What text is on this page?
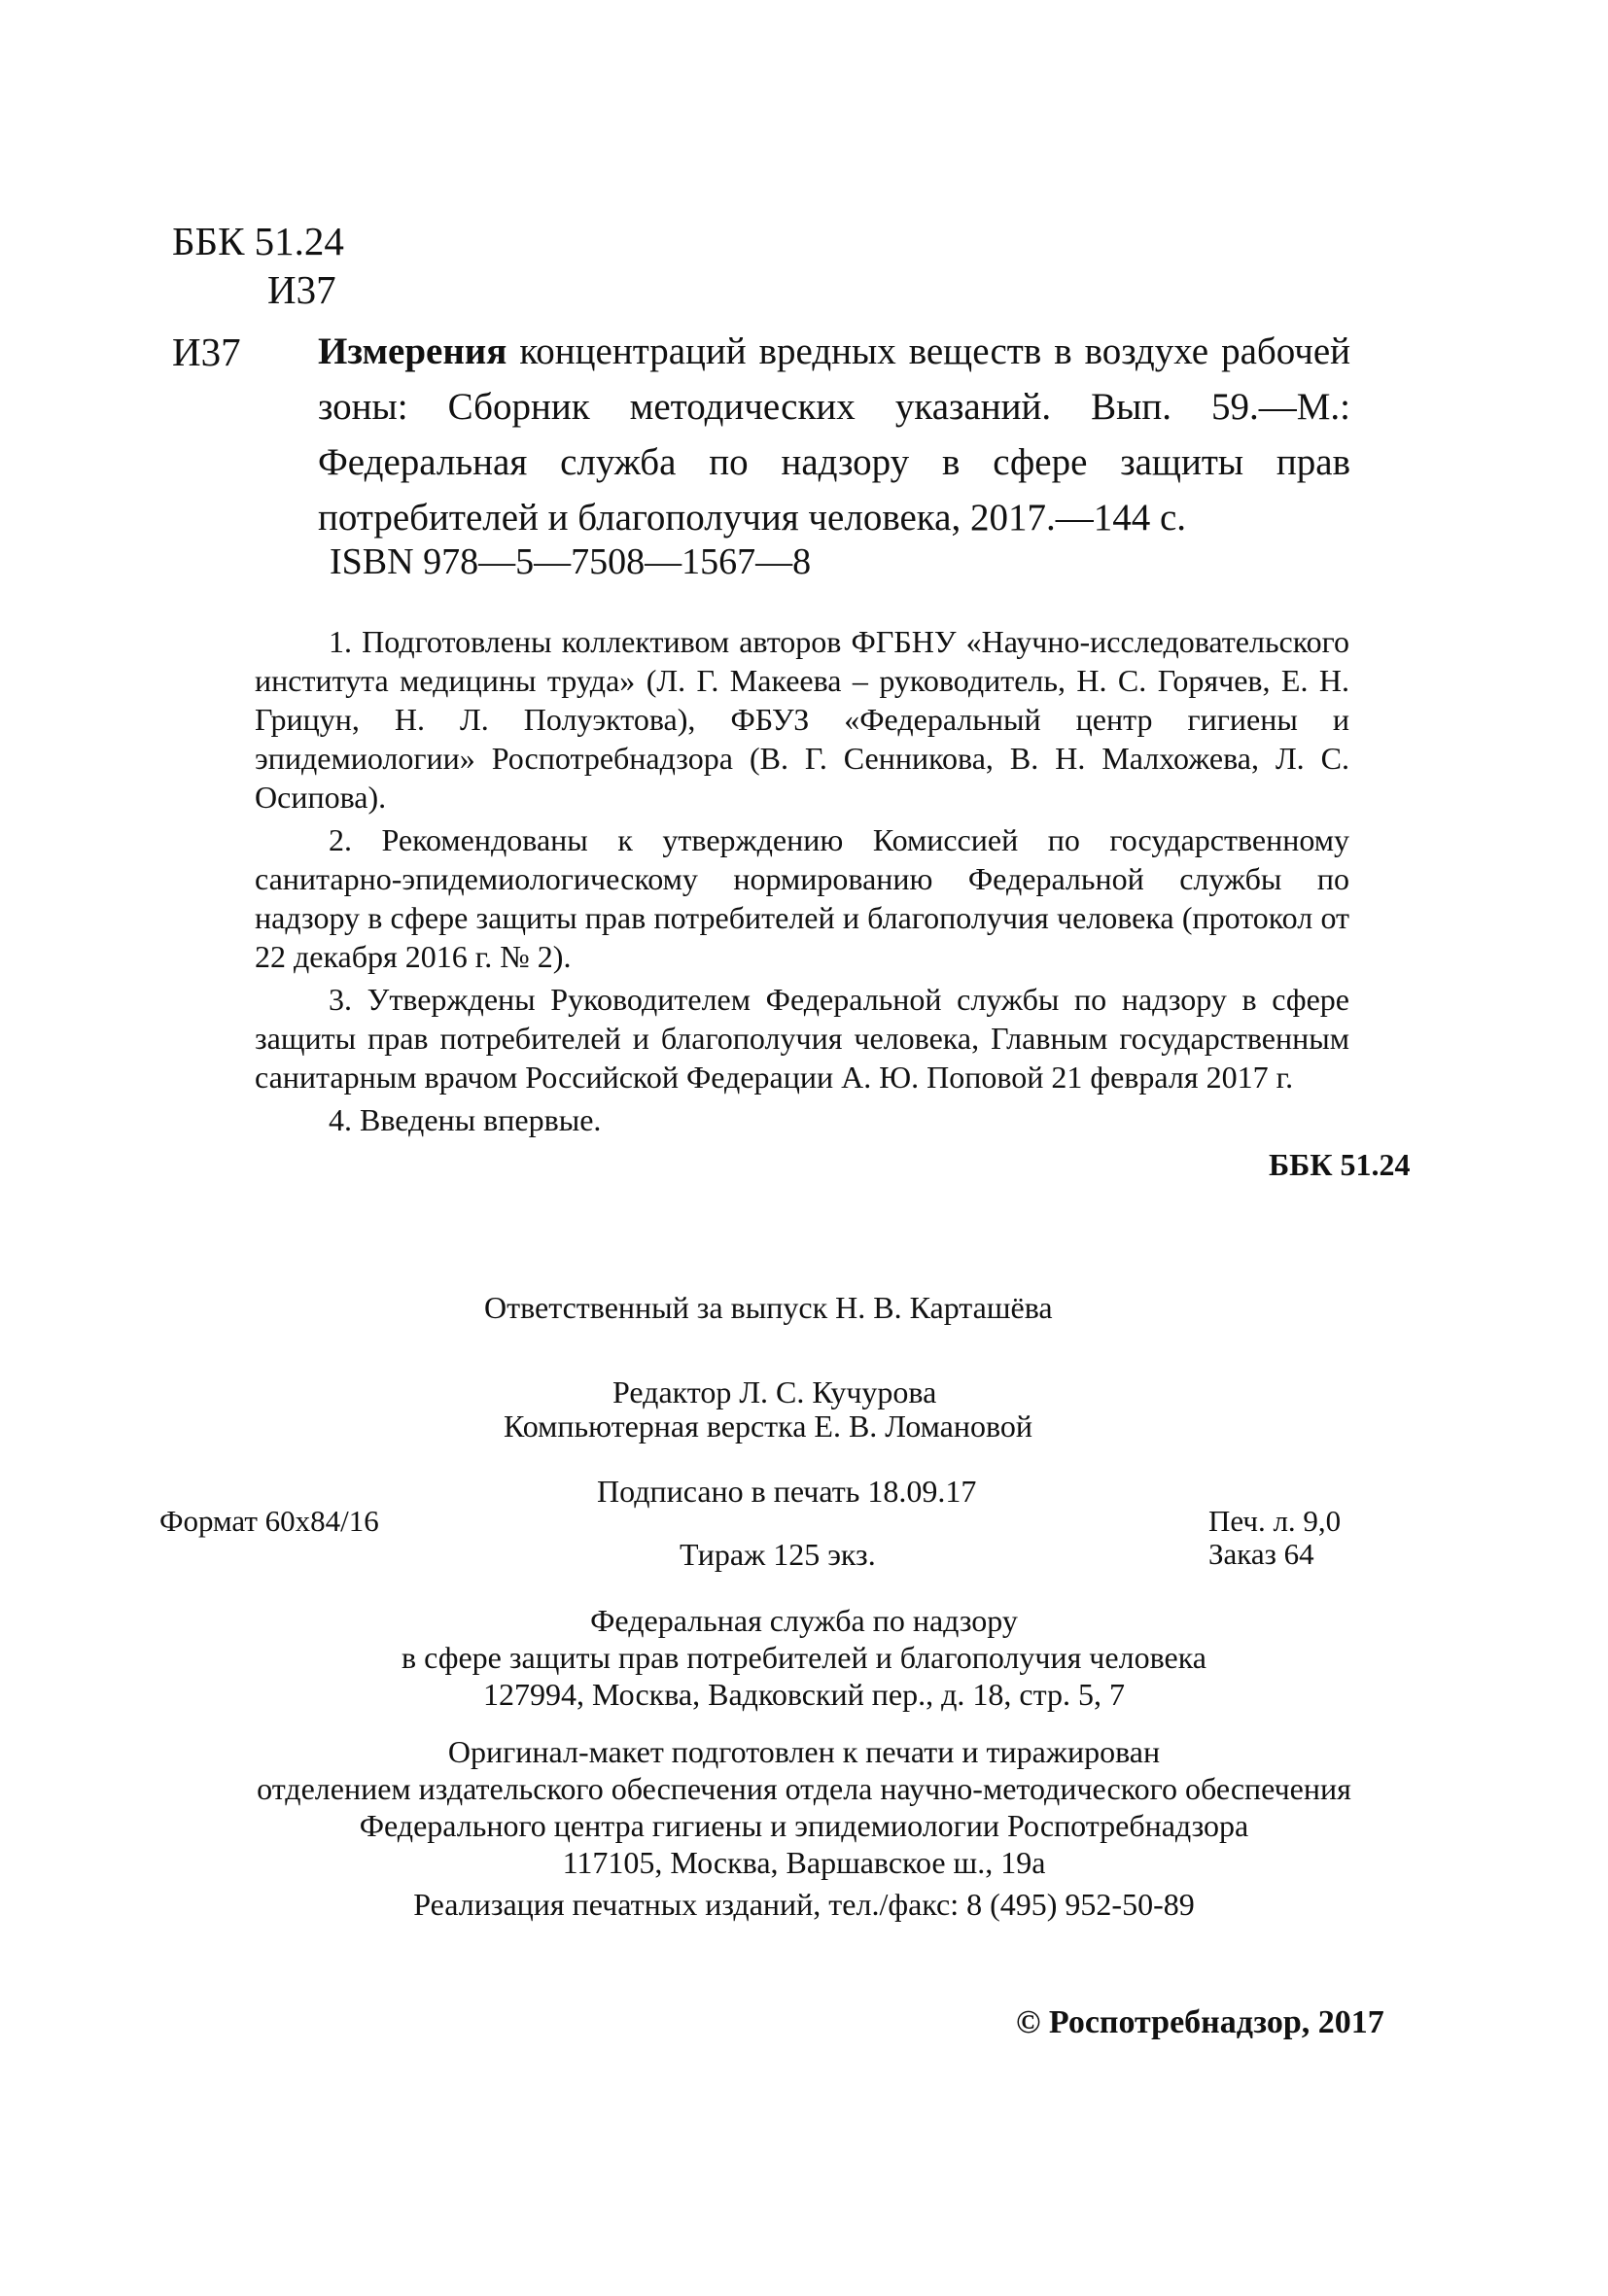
ББК 51.24
И37
И37 Измерения концентраций вредных веществ в воздухе рабочей зоны: Сборник методических указаний. Вып. 59.—М.: Федеральная служба по надзору в сфере защиты прав потребителей и благополучия человека, 2017.—144 с.
ISBN 978—5—7508—1567—8

1. Подготовлены коллективом авторов ФГБНУ «Научно-исследовательского института медицины труда» (Л. Г. Макеева – руководитель, Н. С. Горячев, Е. Н. Грицун, Н. Л. Полуэктова), ФБУЗ «Федеральный центр гигиены и эпидемиологии» Роспотребнадзора (В. Г. Сенникова, В. Н. Малхожева, Л. С. Осипова).

2. Рекомендованы к утверждению Комиссией по государственному санитарно-эпидемиологическому нормированию Федеральной службы по надзору в сфере защиты прав потребителей и благополучия человека (протокол от 22 декабря 2016 г. № 2).

3. Утверждены Руководителем Федеральной службы по надзору в сфере защиты прав потребителей и благополучия человека, Главным государственным санитарным врачом Российской Федерации А. Ю. Поповой 21 февраля 2017 г.

4. Введены впервые.

ББК 51.24
Ответственный за выпуск Н. В. Карташёва
Редактор Л. С. Кучурова
Компьютерная верстка Е. В. Ломановой
Подписано в печать 18.09.17
Формат 60х84/16	Печ. л. 9,0
Тираж 125 экз.	Заказ 64
Федеральная служба по надзору
в сфере защиты прав потребителей и благополучия человека
127994, Москва, Вадковский пер., д. 18, стр. 5, 7
Оригинал-макет подготовлен к печати и тиражирован
отделением издательского обеспечения отдела научно-методического обеспечения
Федерального центра гигиены и эпидемиологии Роспотребнадзора
117105, Москва, Варшавское ш., 19а
Реализация печатных изданий, тел./факс: 8 (495) 952-50-89
© Роспотребнадзор, 2017
